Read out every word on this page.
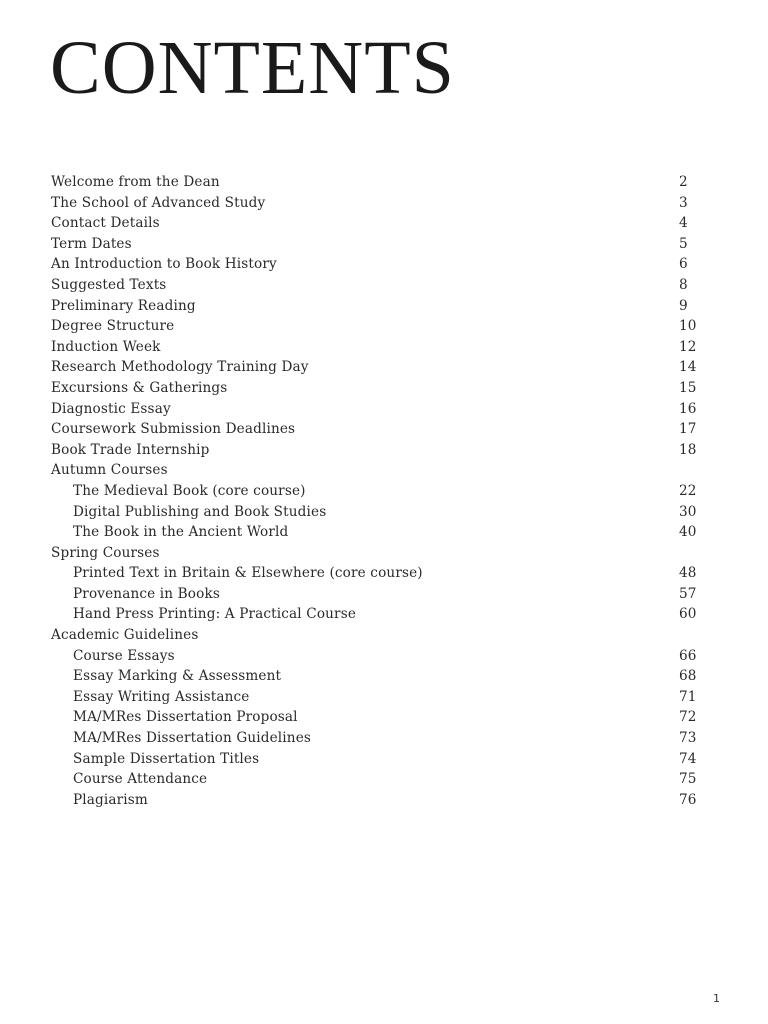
CONTENTS
Welcome from the Dean	2
The School of Advanced Study	3
Contact Details	4
Term Dates	5
An Introduction to Book History	6
Suggested Texts	8
Preliminary Reading	9
Degree Structure	10
Induction Week	12
Research Methodology Training Day	14
Excursions & Gatherings	15
Diagnostic Essay	16
Coursework Submission Deadlines	17
Book Trade Internship	18
Autumn Courses
The Medieval Book (core course)	22
Digital Publishing and Book Studies	30
The Book in the Ancient World	40
Spring Courses
Printed Text in Britain & Elsewhere (core course)	48
Provenance in Books	57
Hand Press Printing: A Practical Course	60
Academic Guidelines
Course Essays	66
Essay Marking & Assessment	68
Essay Writing Assistance	71
MA/MRes Dissertation Proposal	72
MA/MRes Dissertation Guidelines	73
Sample Dissertation Titles	74
Course Attendance	75
Plagiarism	76
1
